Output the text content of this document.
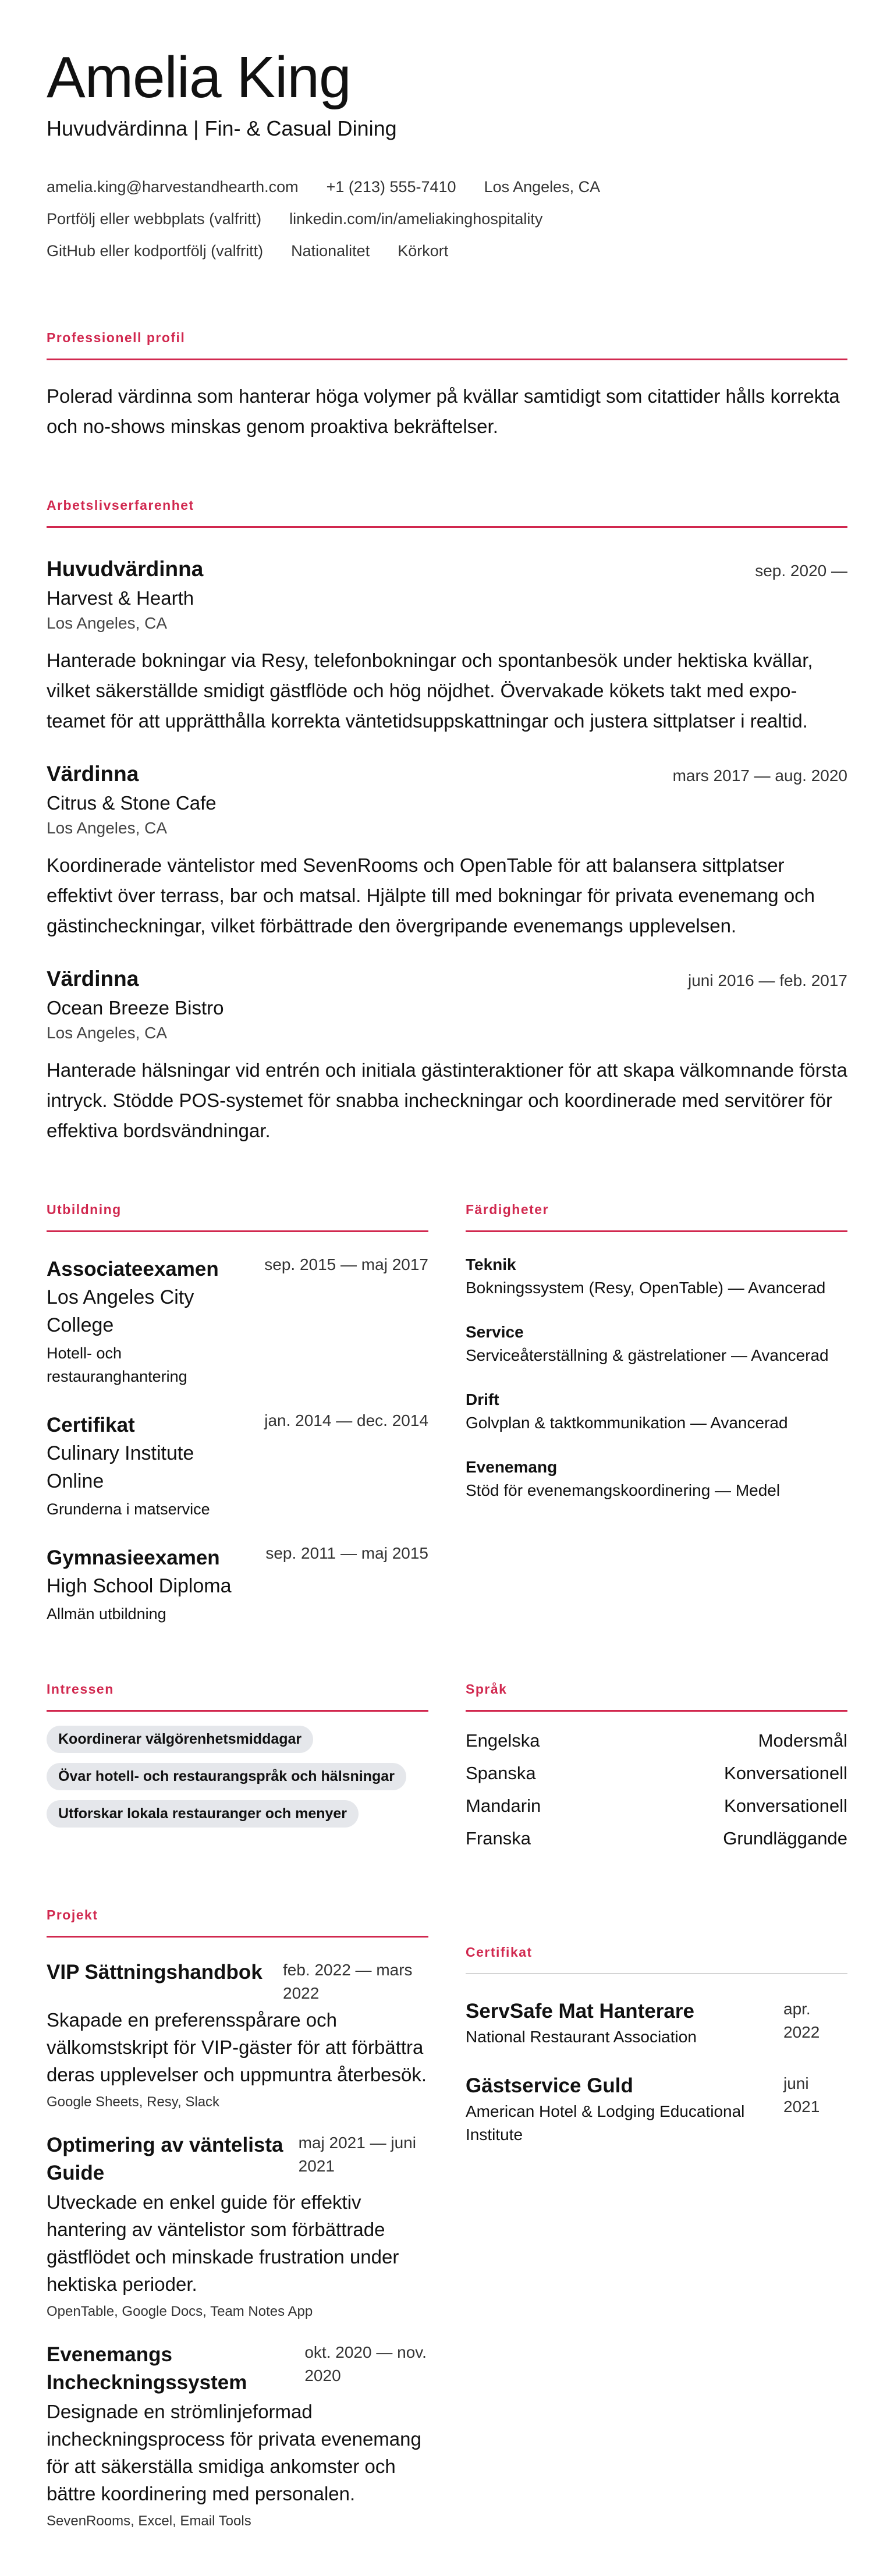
Amelia King
Huvudvärdinna | Fin- & Casual Dining
amelia.king@harvestandhearth.com +1 (213) 555-7410 Los Angeles, CA
Portfölj eller webbplats (valfritt) linkedin.com/in/ameliakinghospitality
GitHub eller kodportfölj (valfritt) Nationalitet Körkort
Professionell profil

Polerad värdinna som hanterar höga volymer på kvällar samtidigt som citattider hålls korrekta och no-shows minskas genom proaktiva bekräftelser.

Arbetslivserfarenhet
Huvudvärdinna	sep. 2020 —
Harvest & Hearth
Los Angeles, CA

Hanterade bokningar via Resy, telefonbokningar och spontanbesök under hektiska kvällar, vilket säkerställde smidigt gästflöde och hög nöjdhet. Övervakade kökets takt med expo-teamet för att upprätthålla korrekta väntetidsuppskattningar och justera sittplatser i realtid.

Värdinna	mars 2017 — aug. 2020
Citrus & Stone Cafe
Los Angeles, CA

Koordinerade väntelistor med SevenRooms och OpenTable för att balansera sittplatser effektivt över terrass, bar och matsal. Hjälpte till med bokningar för privata evenemang och gästincheckningar, vilket förbättrade den övergripande evenemangs upplevelsen.

Värdinna	juni 2016 — feb. 2017
Ocean Breeze Bistro
Los Angeles, CA

Hanterade hälsningar vid entrén och initiala gästinteraktioner för att skapa välkomnande första intryck. Stödde POS-systemet för snabba incheckningar och koordinerade med servitörer för effektiva bordsvändningar.

Utbildning
Associateexamen	sep. 2015 — maj 2017
Los Angeles City College
Hotell- och restauranghantering
Certifikat	jan. 2014 — dec. 2014
Culinary Institute Online
Grunderna i matservice
Gymnasieexamen	sep. 2011 — maj 2015
High School Diploma
Allmän utbildning
Färdigheter
Teknik
Bokningssystem (Resy, OpenTable) — Avancerad
Service
Serviceåterställning & gästrelationer — Avancerad
Drift
Golvplan & taktkommunikation — Avancerad
Evenemang
Stöd för evenemangskoordinering — Medel
Intressen
Koordinerar välgörenhetsmiddagar
Övar hotell- och restaurangspråk och hälsningar
Utforskar lokala restauranger och menyer
Språk
Engelska	Modersmål
Spanska	Konversationell
Mandarin	Konversationell
Franska	Grundläggande
Projekt
VIP Sättningshandbok feb. 2022 — mars 2022

Skapade en preferensspårare och välkomstskript för VIP-gäster för att förbättra deras upplevelser och uppmuntra återbesök.

Google Sheets, Resy, Slack
Optimering av väntelista Guide
maj 2021 — juni 2021

Utveckade en enkel guide för effektiv hantering av väntelistor som förbättrade gästflödet och minskade frustration under hektiska perioder.

OpenTable, Google Docs, Team Notes App
Evenemangs Incheckningssystem
okt. 2020 — nov. 2020

Designade en strömlinjeformad incheckningsprocess för privata evenemang för att säkerställa smidiga ankomster och bättre koordinering med personalen.

SevenRooms, Excel, Email Tools
Certifikat
ServSafe Mat Hanterare
National Restaurant Association
apr. 2022
Gästservice Guld
American Hotel & Lodging Educational Institute
juni 2021
